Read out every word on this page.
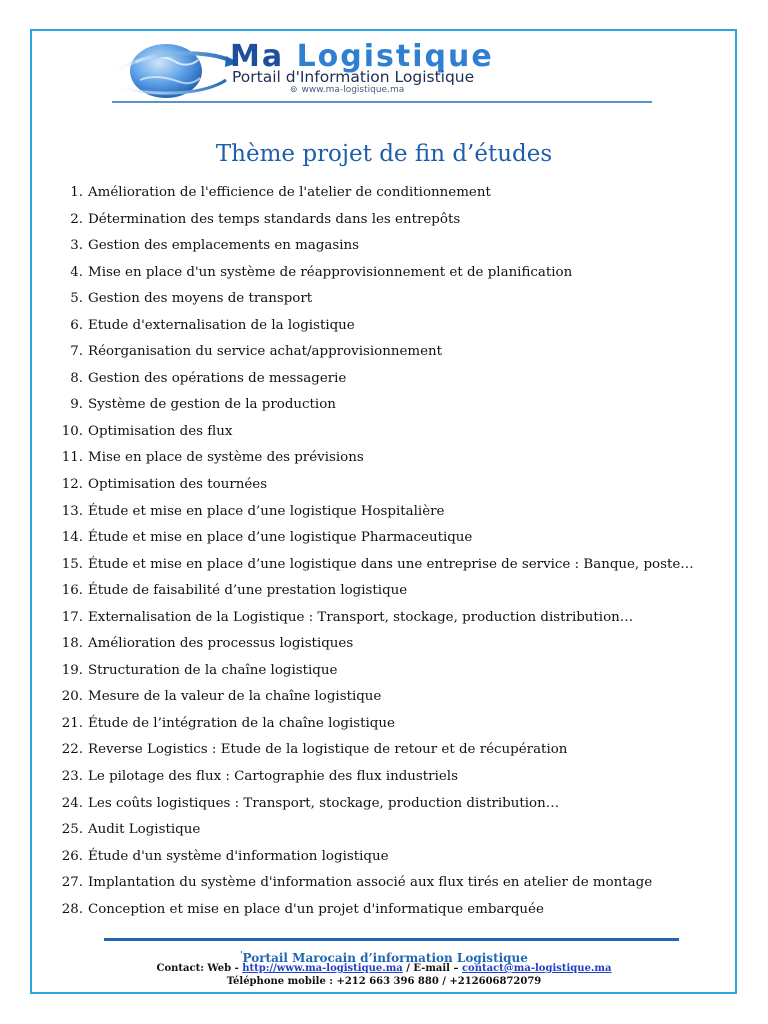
Ma Logistique
Portail d'Information Logistique
⊚ www.ma-logistique.ma
Thème projet de fin d’études
1. Amélioration de l'efficience de l'atelier de conditionnement
2. Détermination des temps standards dans les entrepôts
3. Gestion des emplacements en magasins
4. Mise en place d'un système de réapprovisionnement et de planification
5. Gestion des moyens de transport
6. Etude d'externalisation de la logistique
7. Réorganisation du service achat/approvisionnement
8. Gestion des opérations de messagerie
9. Système de gestion de la production
10. Optimisation des flux
11. Mise en place de système des prévisions
12. Optimisation des tournées
13. Étude et mise en place d’une logistique Hospitalière
14. Étude et mise en place d’une logistique Pharmaceutique
15. Étude et mise en place d’une logistique dans une entreprise de service : Banque, poste…
16. Étude de faisabilité d’une prestation logistique
17. Externalisation de la Logistique : Transport, stockage, production distribution…
18. Amélioration des processus logistiques
19. Structuration de la chaîne logistique
20. Mesure de la valeur de la chaîne logistique
21. Étude de l’intégration de la chaîne logistique
22. Reverse Logistics : Etude de la logistique de retour et de récupération
23. Le pilotage des flux : Cartographie des flux industriels
24. Les coûts logistiques : Transport, stockage, production distribution…
25. Audit Logistique
26. Étude d'un système d'information logistique
27. Implantation du système d'information associé aux flux tirés en atelier de montage
28. Conception et mise en place d'un projet d'informatique embarquée
'Portail Marocain d’information Logistique
Contact: Web - http://www.ma-logistique.ma / E-mail – contact@ma-logistique.ma
Téléphone mobile : +212 663 396 880 / +212606872079
